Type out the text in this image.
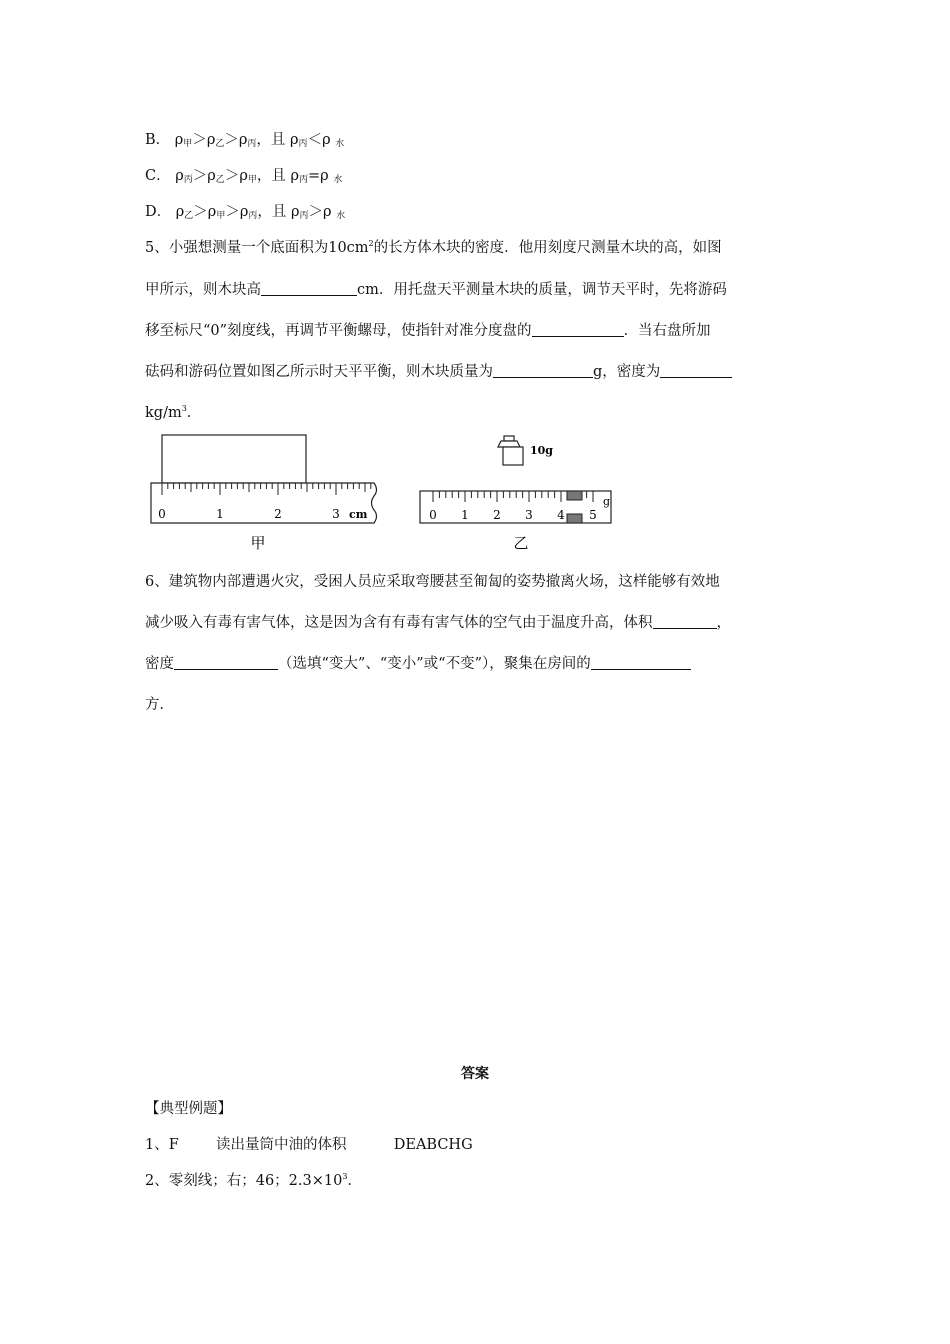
B． $\rho_甲>\rho_乙>\rho_丙$，且 $\rho_丙<\rho$ $_水$
C． $\rho_丙>\rho_乙>\rho_甲$，且 $\rho_丙=\rho$ $_水$
D． $\rho_乙>\rho_甲>\rho_丙$，且 $\rho_丙>\rho$ $_水$
5、小强想测量一个底面积为$10cm^2$的长方体木块的密度．他用刻度尺测量木块的高，如图
甲所示，则木块高	cm．用托盘天平测量木块的质量，调节天平时，先将游码
移至标尺“0”刻度线，再调节平衡螺母，使指针对准分度盘的	．当右盘所加
砝码和游码位置如图乙所示时天平平衡，则木块质量为	g，密度为
$kg/m^3$．
0	1	2	3 cm
甲
10g
0 1 2 3 4 5
g
乙
6、建筑物内部遭遇火灾，受困人员应采取弯腰甚至匍匐的姿势撤离火场，这样能够有效地
减少吸入有毒有害气体，这是因为含有有毒有害气体的空气由于温度升高，体积	，
密度	（选填“变大”、“变小”或“不变”），聚集在房间的
方．
答案
【典型例题】
1、F	读出量筒中油的体积	DEABCHG
2、零刻线；右；46；$2.3\times 10^3$．
